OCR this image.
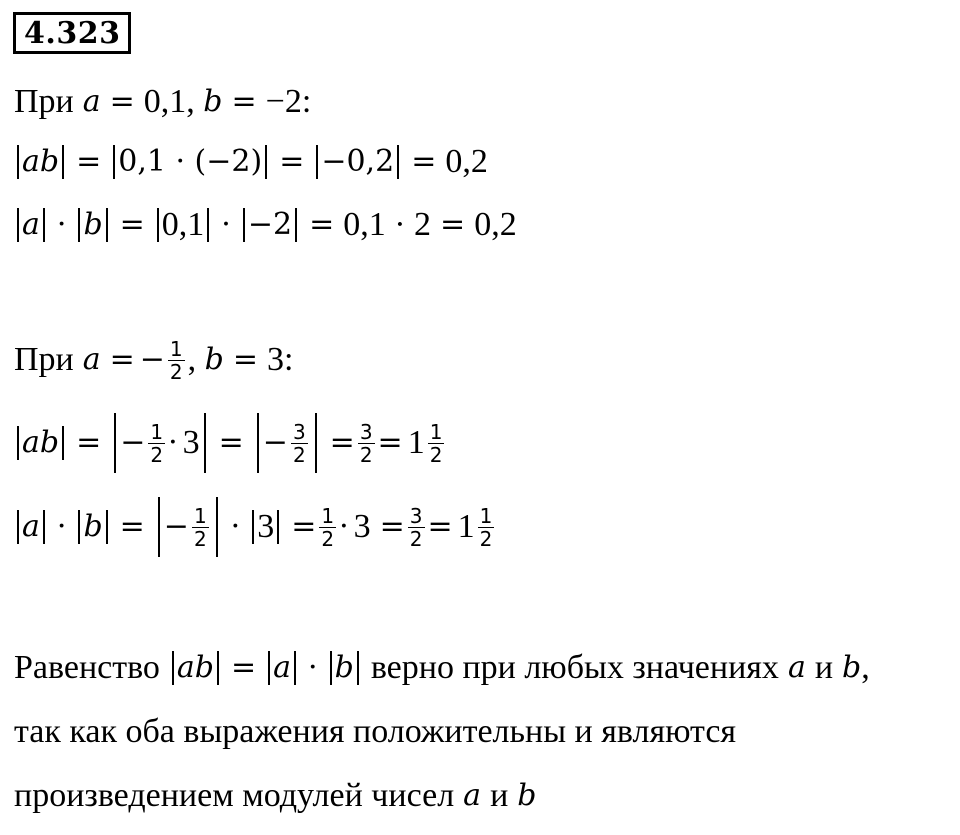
4.323
При a = 0,1 , b = −2 :
ab = 0,1 · (−2) = −0,2 = 0,2
a · b = 0,1 · −2 = 0,1 · 2 = 0,2
При a = − $\frac{1}{2}$ , b = 3 :
ab = − $\frac{1}{2} \cdot 3$ = − $\frac{3}{2} = \frac{3}{2} = 1 \frac{1}{2}$
a · b = − $\frac{1}{2} \cdot 3 = \frac{1}{2} \cdot 3 = \frac{3}{2} = 1 \frac{1}{2}$
Равенство ab = a · b верно при любых значениях a и b ,
так как оба выражения положительны и являются
произведением модулей чисел a и b
